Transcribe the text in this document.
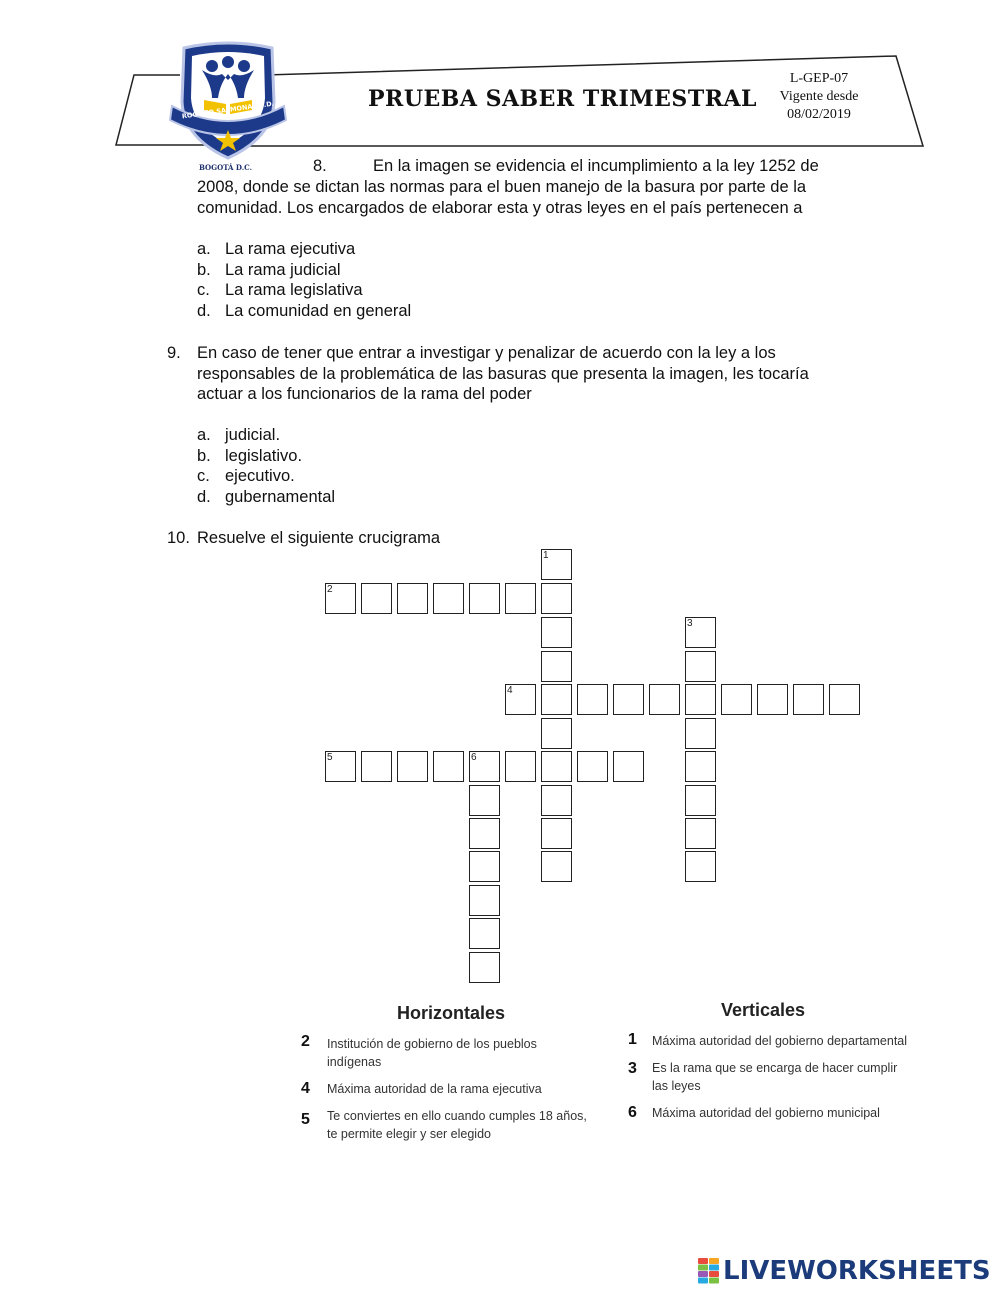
ROGELIO SALMONA I.E.D.
BOGOTÁ D.C.
PRUEBA SABER TRIMESTRAL
L-GEP-07
Vigente desde
08/02/2019
8.	En la imagen se evidencia el incumplimiento a la ley 1252 de
2008, donde se dictan las normas para el buen manejo de la basura por parte de la
comunidad. Los encargados de elaborar esta y otras leyes en el país pertenecen a
a. La rama ejecutiva
b. La rama judicial
c. La rama legislativa
d. La comunidad en general
9. En caso de tener que entrar a investigar y penalizar de acuerdo con la ley a los
responsables de la problemática de las basuras que presenta la imagen, les tocaría
actuar a los funcionarios de la rama del poder
a. judicial.
b. legislativo.
c. ejecutivo.
d. gubernamental
10. Resuelve el siguiente crucigrama
1
2
3
4
5	6
Horizontales	Verticales
2 Institución de gobierno de los pueblos
indígenas
4 Máxima autoridad de la rama ejecutiva
5 Te conviertes en ello cuando cumples 18 años,
te permite elegir y ser elegido
1 Máxima autoridad del gobierno departamental
3 Es la rama que se encarga de hacer cumplir
las leyes
6 Máxima autoridad del gobierno municipal
LIVEWORKSHEETS
